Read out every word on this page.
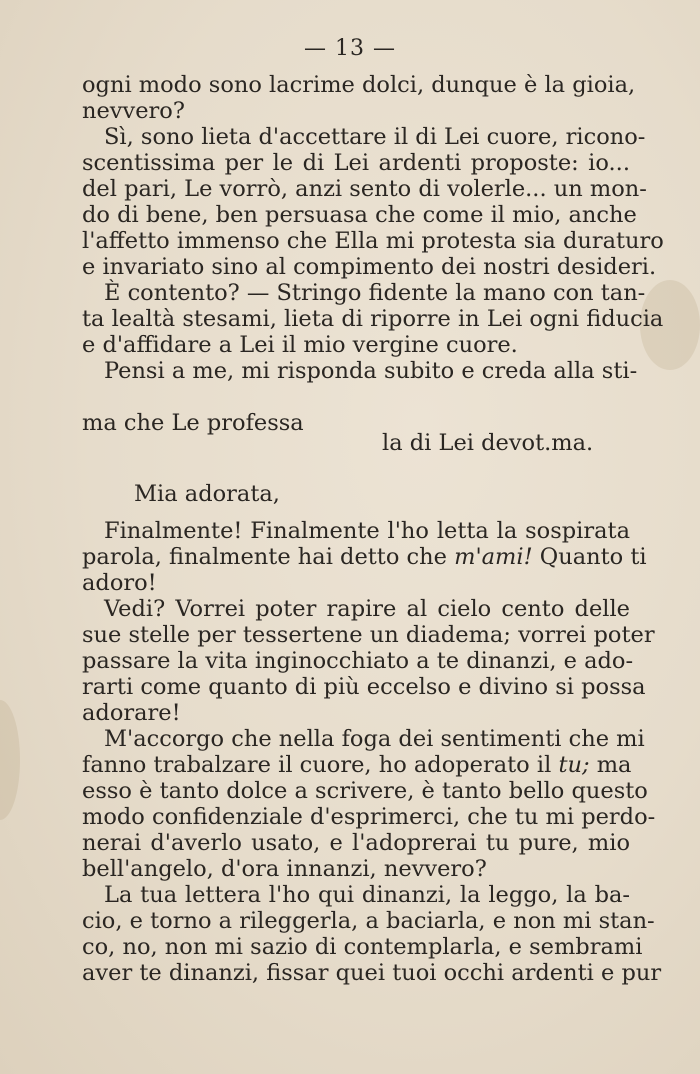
— 13 —
ogni modo sono lacrime dolci, dunque è la gioia,
nevvero?
Sì, sono lieta d'accettare il di Lei cuore, ricono-
scentissima per le di Lei ardenti proposte: io...
del pari, Le vorrò, anzi sento di volerle... un mon-
do di bene, ben persuasa che come il mio, anche
l'affetto immenso che Ella mi protesta sia duraturo
e invariato sino al compimento dei nostri desideri.
È contento? — Stringo fidente la mano con tan-
ta lealtà stesami, lieta di riporre in Lei ogni fiducia
e d'affidare a Lei il mio vergine cuore.
Pensi a me, mi risponda subito e creda alla sti-
ma che Le professa
la di Lei devot.ma.
Mia adorata,
Finalmente! Finalmente l'ho letta la sospirata
parola, finalmente hai detto che m'ami! Quanto ti
adoro!
Vedi? Vorrei poter rapire al cielo cento delle
sue stelle per tessertene un diadema; vorrei poter
passare la vita inginocchiato a te dinanzi, e ado-
rarti come quanto di più eccelso e divino si possa
adorare!
M'accorgo che nella foga dei sentimenti che mi
fanno trabalzare il cuore, ho adoperato il tu; ma
esso è tanto dolce a scrivere, è tanto bello questo
modo confidenziale d'esprimerci, che tu mi perdo-
nerai d'averlo usato, e l'adoprerai tu pure, mio
bell'angelo, d'ora innanzi, nevvero?
La tua lettera l'ho qui dinanzi, la leggo, la ba-
cio, e torno a rileggerla, a baciarla, e non mi stan-
co, no, non mi sazio di contemplarla, e sembrami
aver te dinanzi, fissar quei tuoi occhi ardenti e pur
